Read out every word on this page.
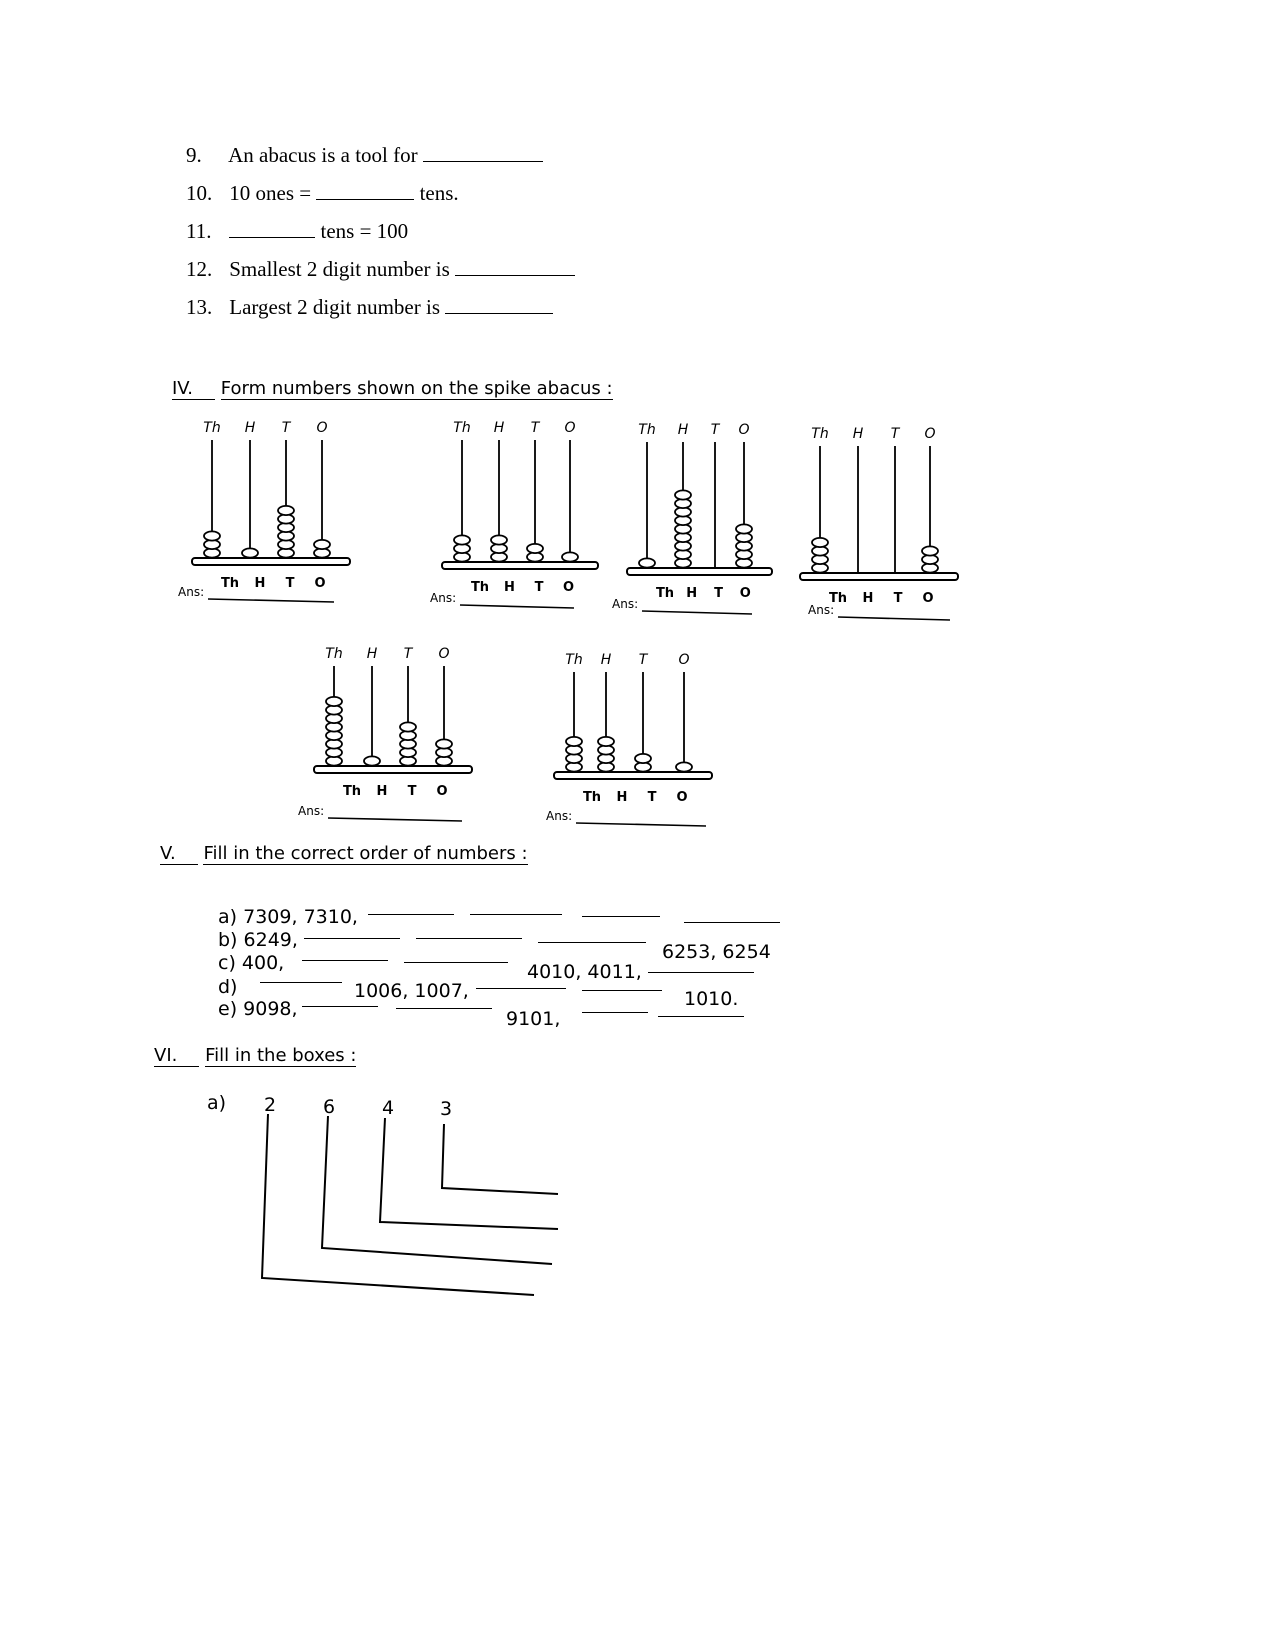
9. An abacus is a tool for
10. 10 ones =	tens.
11.	tens = 100
12. Smallest 2 digit number is
13. Largest 2 digit number is
IV. Form numbers shown on the spike abacus :
Th H T O
Th H T O
Ans:
Th H T O
Th H T O
Ans:
Th H T O
Th H T O
Ans:
Th H T O
Th H T O
Ans:
Th H T O
Th H T O
Ans:
Th H T O
Th H T O
Ans:
V. Fill in the correct order of numbers :
a) 7309, 7310,
b) 6249,
6253, 6254
c) 400,	4010, 4011,
d)	1006, 1007,	1010.
e) 9098,	9101,
VI. Fill in the boxes :
a) 2 6 4 3
